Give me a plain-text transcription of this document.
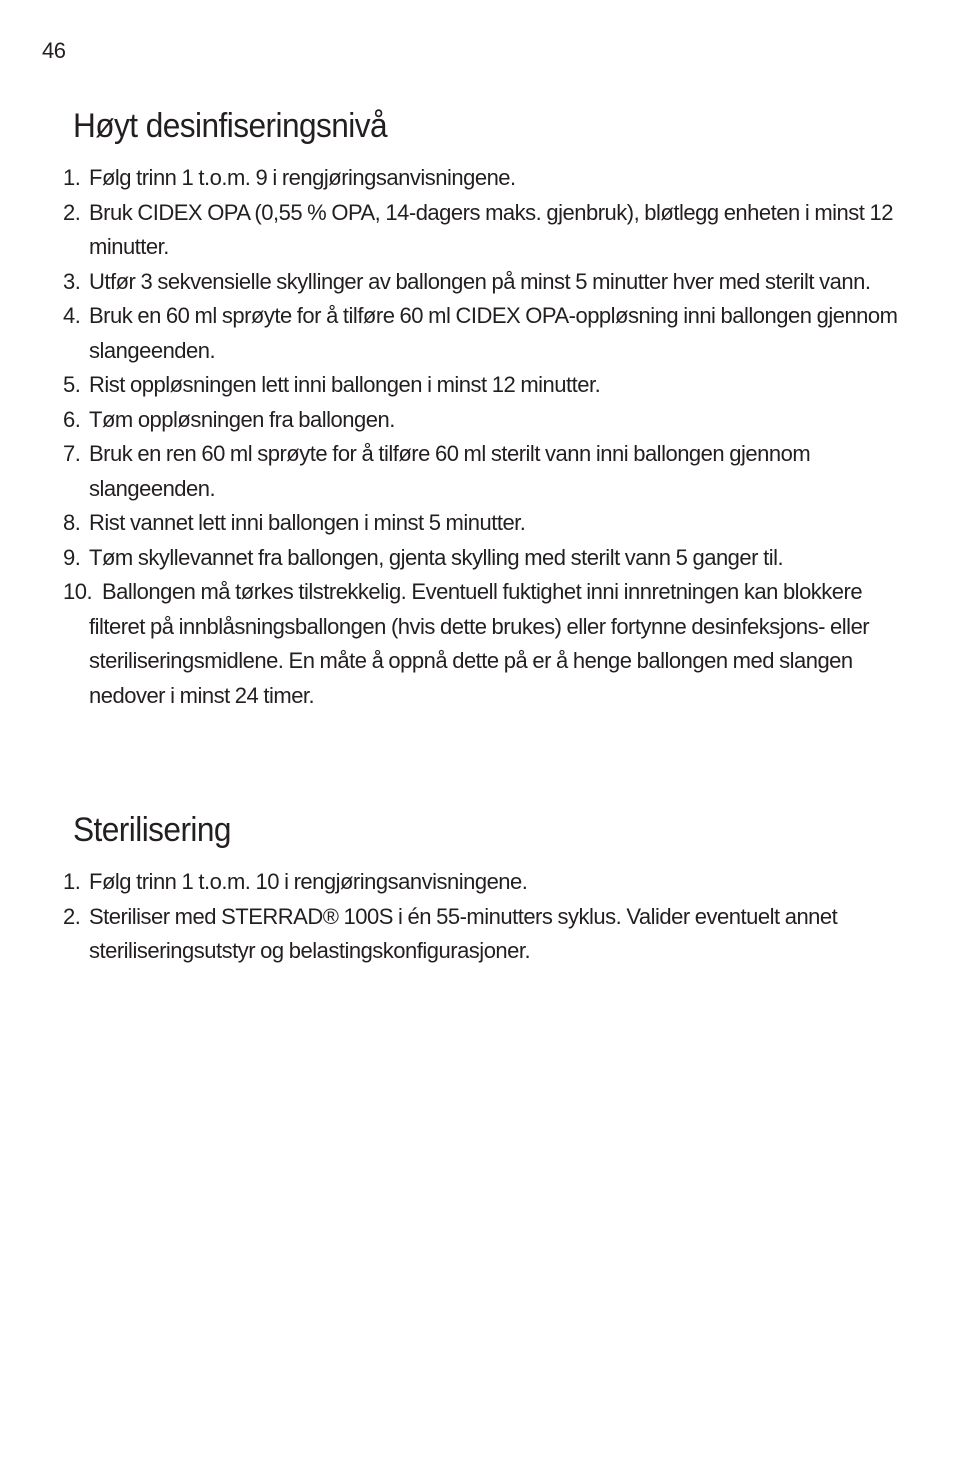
46
Høyt desinfiseringsnivå
1. Følg trinn 1 t.o.m. 9 i rengjøringsanvisningene.
2. Bruk CIDEX OPA (0,55 % OPA, 14-dagers maks. gjenbruk), bløtlegg enheten i minst 12 minutter.
3. Utfør 3 sekvensielle skyllinger av ballongen på minst 5 minutter hver med sterilt vann.
4. Bruk en 60 ml sprøyte for å tilføre 60 ml CIDEX OPA-oppløsning inni ballongen gjennom slangeenden.
5. Rist oppløsningen lett inni ballongen i minst 12 minutter.
6. Tøm oppløsningen fra ballongen.
7. Bruk en ren 60 ml sprøyte for å tilføre 60 ml sterilt vann inni ballongen gjennom slangeenden.
8. Rist vannet lett inni ballongen i minst 5 minutter.
9. Tøm skyllevannet fra ballongen, gjenta skylling med sterilt vann 5 ganger til.
10. Ballongen må tørkes tilstrekkelig. Eventuell fuktighet inni innretningen kan blokkere filteret på innblåsningsballongen (hvis dette brukes) eller fortynne desinfeksjons- eller steriliseringsmidlene. En måte å oppnå dette på er å henge ballongen med slangen nedover i minst 24 timer.
Sterilisering
1. Følg trinn 1 t.o.m. 10 i rengjøringsanvisningene.
2. Steriliser med STERRAD® 100S i én 55-minutters syklus. Valider eventuelt annet steriliseringsutstyr og belastingskonfigurasjoner.
